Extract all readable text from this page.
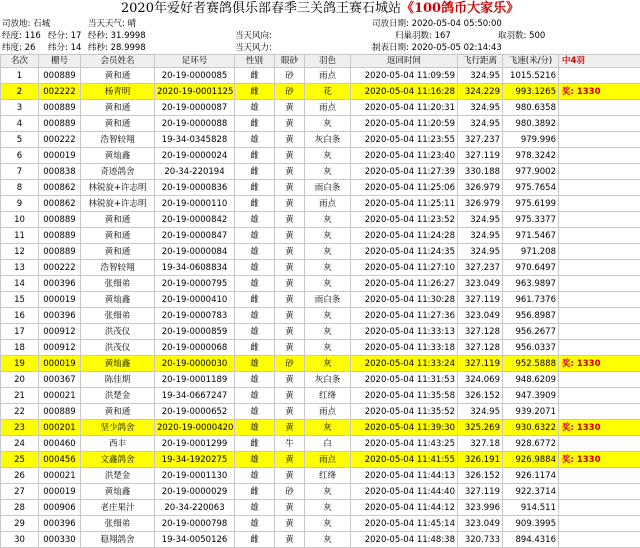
2020年爱好者赛鸽俱乐部春季三关鸽王赛石城站《100鸽币大家乐》
司放地: 石城	当天天气: 晴	司放日期: 2020-05-04 05:50:00
经度: 116 经分: 17 经秒: 31.9998	当天风向:	归巢羽数: 167	取羽数: 500
纬度: 26 纬分: 14 纬秒: 28.9998	当天风力:	制表日期: 2020-05-05 02:14:43
名次	棚号	会员姓名	足环号	性别	眼砂	羽色	返回时间	飞行距离	飞速(米/分)	中4羽
1	000889	黄和通	20-19-0000085	雌	砂	雨点	2020-05-04 11:09:59	324.95	1015.5216	
2	002222	杨青明	2020-19-0001125	雌	砂	花	2020-05-04 11:16:28	324.229	993.1265	奖: 1330
3	000889	黄和通	20-19-0000087	雄	黄	雨点	2020-05-04 11:20:31	324.95	980.6358	
4	000889	黄和通	20-19-0000088	雌	黄	灰	2020-05-04 11:20:59	324.95	980.3892	
5	000222	浩智较翔	19-34-0345828	雄	黄	灰白条	2020-05-04 11:23:55	327.237	979.996	
6	000019	黄灿鑫	20-19-0000024	雌	黄	灰	2020-05-04 11:23:40	327.119	978.3242	
7	000838	奇迹鸽舍	20-34-220194	雌	黄	灰	2020-05-04 11:27:39	330.188	977.9002	
8	000862	林锐旋+许志明	20-19-0000836	雌	黄	雨白条	2020-05-04 11:25:06	326.979	975.7654	
9	000862	林锐旋+许志明	20-19-0000110	雌	黄	雨点	2020-05-04 11:25:11	326.979	975.6199	
10	000889	黄和通	20-19-0000842	雄	黄	灰	2020-05-04 11:23:52	324.95	975.3377	
11	000889	黄和通	20-19-0000847	雄	黄	灰	2020-05-04 11:24:28	324.95	971.5467	
12	000889	黄和通	20-19-0000084	雄	黄	灰	2020-05-04 11:24:35	324.95	971.208	
13	000222	浩智较翔	19-34-0608834	雄	黄	灰	2020-05-04 11:27:10	327.237	970.6497	
14	000396	张细弟	20-19-0000795	雄	黄	灰	2020-05-04 11:26:27	323.049	963.9897	
15	000019	黄灿鑫	20-19-0000410	雌	黄	雨白条	2020-05-04 11:30:28	327.119	961.7376	
16	000396	张细弟	20-19-0000783	雄	黄	灰	2020-05-04 11:27:36	323.049	956.8987	
17	000912	洪茂仪	20-19-0000859	雄	黄	灰	2020-05-04 11:33:13	327.128	956.2677	
18	000912	洪茂仪	20-19-0000068	雌	黄	灰	2020-05-04 11:33:18	327.128	956.0337	
19	000019	黄灿鑫	20-19-0000030	雄	砂	灰	2020-05-04 11:33:24	327.119	952.5888	奖: 1330
20	000367	陈佳期	20-19-0001189	雄	黄	灰白条	2020-05-04 11:31:53	324.069	948.6209	
21	000021	洪楚金	19-34-0667247	雄	黄	红绛	2020-05-04 11:35:58	326.152	947.3909	
22	000889	黄和通	20-19-0000652	雄	黄	雨点	2020-05-04 11:35:52	324.95	939.2071	
23	000201	坚少鸽舍	2020-19-0000420	雄	黄	灰	2020-05-04 11:39:30	325.269	930.6322	奖: 1330
24	000460	西丰	20-19-0001299	雌	牛	白	2020-05-04 11:43:25	327.18	928.6772	
25	000456	文鑫鸽舍	19-34-1920275	雄	黄	雨点	2020-05-04 11:41:55	326.191	926.9884	奖: 1330
26	000021	洪楚金	20-19-0001130	雄	黄	红绛	2020-05-04 11:44:13	326.152	926.1174	
27	000019	黄灿鑫	20-19-0000029	雌	砂	灰	2020-05-04 11:44:40	327.119	922.3714	
28	000906	老庄果汁	20-34-220063	雄	黄	灰	2020-05-04 11:44:12	323.996	914.511	
29	000396	张细弟	20-19-0000798	雄	黄	灰	2020-05-04 11:45:14	323.049	909.3995	
30	000330	稳翔鸽舍	19-34-0050126	雌	黄	灰	2020-05-04 11:48:38	320.733	894.4316	
